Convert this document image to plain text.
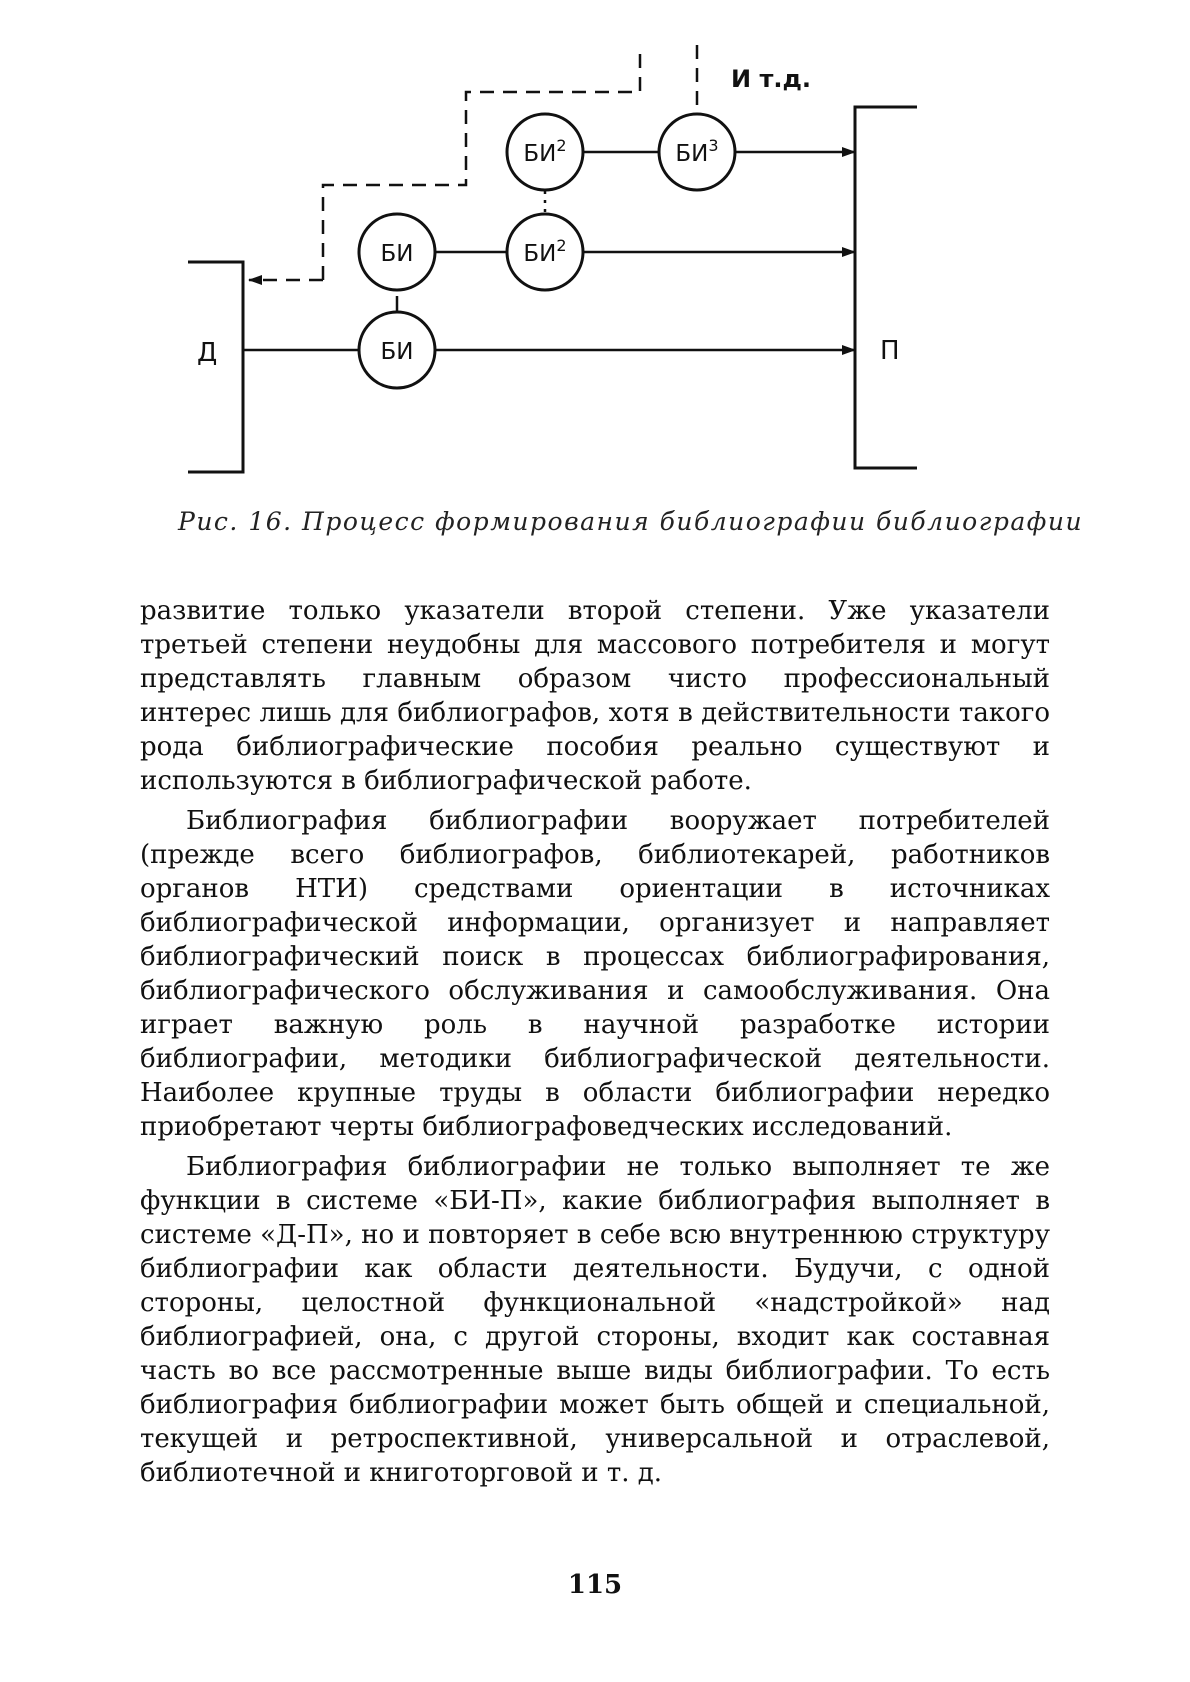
БИ
БИ
$БИ^2$
$БИ^2$
$БИ^3$
Д	П
И т.д.
Рис. 16. Процесс формирования библиографии библиографии

развитие только указатели второй степени. Уже указатели третьей степени неудобны для массового потребителя и могут представлять главным образом чисто профессиональный интерес лишь для библиографов, хотя в действительности такого рода библиографические пособия реально существуют и используются в библиографической работе.

Библиография библиографии вооружает потребителей (прежде всего библиографов, библиотекарей, работников органов НТИ) средствами ориентации в источниках библиографической информации, организует и направляет библиографический поиск в процессах библиографирования, библиографического обслуживания и самообслуживания. Она играет важную роль в научной разработке истории библиографии, методики библиографической деятельности. Наиболее крупные труды в области библиографии нередко приобретают черты библиографоведческих исследований.

Библиография библиографии не только выполняет те же функции в системе «БИ-П», какие библиография выполняет в системе «Д-П», но и повторяет в себе всю внутреннюю структуру библиографии как области деятельности. Будучи, с одной стороны, целостной функциональной «надстройкой» над библиографией, она, с другой стороны, входит как составная часть во все рассмотренные выше виды библиографии. То есть библиография библиографии может быть общей и специальной, текущей и ретроспективной, универсальной и отраслевой, библиотечной и книготорговой и т. д.

115
